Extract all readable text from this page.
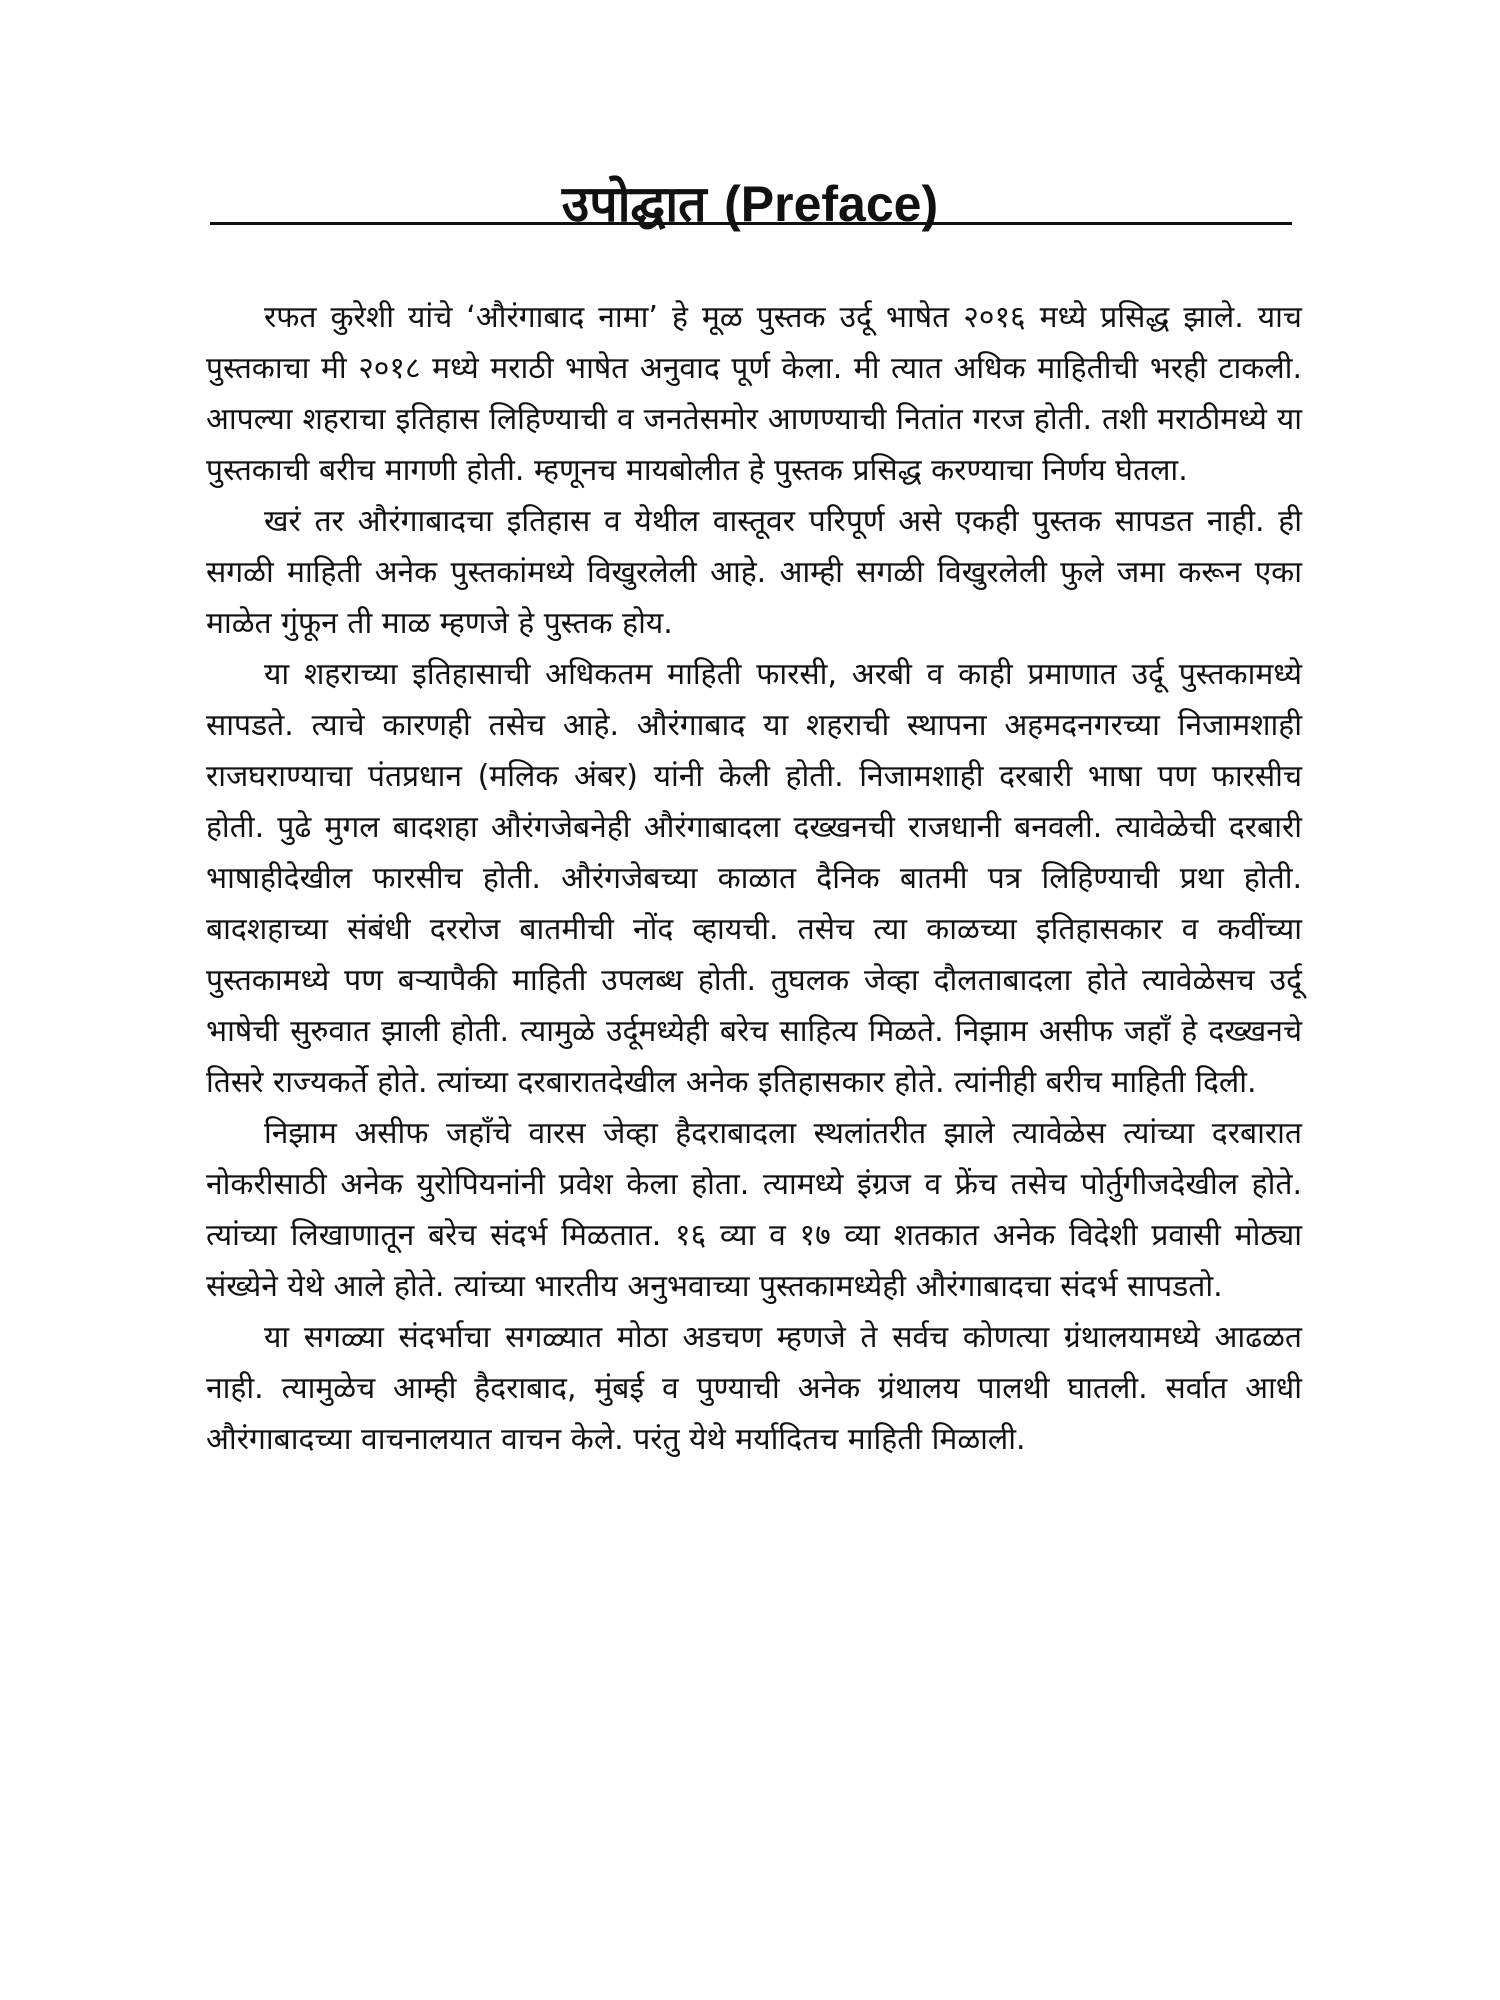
उपोद्घात (Preface)

रफत कुरेशी यांचे ‘औरंगाबाद नामा’ हे मूळ पुस्तक उर्दू भाषेत २०१६ मध्ये प्रसिद्ध झाले. याच पुस्तकाचा मी २०१८ मध्ये मराठी भाषेत अनुवाद पूर्ण केला. मी त्यात अधिक माहितीची भरही टाकली. आपल्या शहराचा इतिहास लिहिण्याची व जनतेसमोर आणण्याची नितांत गरज होती. तशी मराठीमध्ये या पुस्तकाची बरीच मागणी होती. म्हणूनच मायबोलीत हे पुस्तक प्रसिद्ध करण्याचा निर्णय घेतला.

खरं तर औरंगाबादचा इतिहास व येथील वास्तूवर परिपूर्ण असे एकही पुस्तक सापडत नाही. ही सगळी माहिती अनेक पुस्तकांमध्ये विखुरलेली आहे. आम्ही सगळी विखुरलेली फुले जमा करून एका माळेत गुंफून ती माळ म्हणजे हे पुस्तक होय.

या शहराच्या इतिहासाची अधिकतम माहिती फारसी, अरबी व काही प्रमाणात उर्दू पुस्तकामध्ये सापडते. त्याचे कारणही तसेच आहे. औरंगाबाद या शहराची स्थापना अहमदनगरच्या निजामशाही राजघराण्याचा पंतप्रधान (मलिक अंबर) यांनी केली होती. निजामशाही दरबारी भाषा पण फारसीच होती. पुढे मुगल बादशहा औरंगजेबनेही औरंगाबादला दख्खनची राजधानी बनवली. त्यावेळेची दरबारी भाषाहीदेखील फारसीच होती. औरंगजेबच्या काळात दैनिक बातमी पत्र लिहिण्याची प्रथा होती. बादशहाच्या संबंधी दररोज बातमीची नोंद व्हायची. तसेच त्या काळच्या इतिहासकार व कवींच्या पुस्तकामध्ये पण बऱ्यापैकी माहिती उपलब्ध होती. तुघलक जेव्हा दौलताबादला होते त्यावेळेसच उर्दू भाषेची सुरुवात झाली होती. त्यामुळे उर्दूमध्येही बरेच साहित्य मिळते. निझाम असीफ जहाँ हे दख्खनचे तिसरे राज्यकर्ते होते. त्यांच्या दरबारातदेखील अनेक इतिहासकार होते. त्यांनीही बरीच माहिती दिली.

निझाम असीफ जहाँचे वारस जेव्हा हैदराबादला स्थलांतरीत झाले त्यावेळेस त्यांच्या दरबारात नोकरीसाठी अनेक युरोपियनांनी प्रवेश केला होता. त्यामध्ये इंग्रज व फ्रेंच तसेच पोर्तुगीजदेखील होते. त्यांच्या लिखाणातून बरेच संदर्भ मिळतात. १६ व्या व १७ व्या शतकात अनेक विदेशी प्रवासी मोठ्या संख्येने येथे आले होते. त्यांच्या भारतीय अनुभवाच्या पुस्तकामध्येही औरंगाबादचा संदर्भ सापडतो.

या सगळ्या संदर्भाचा सगळ्यात मोठा अडचण म्हणजे ते सर्वच कोणत्या ग्रंथालयामध्ये आढळत नाही. त्यामुळेच आम्ही हैदराबाद, मुंबई व पुण्याची अनेक ग्रंथालय पालथी घातली. सर्वात आधी औरंगाबादच्या वाचनालयात वाचन केले. परंतु येथे मर्यादितच माहिती मिळाली.
